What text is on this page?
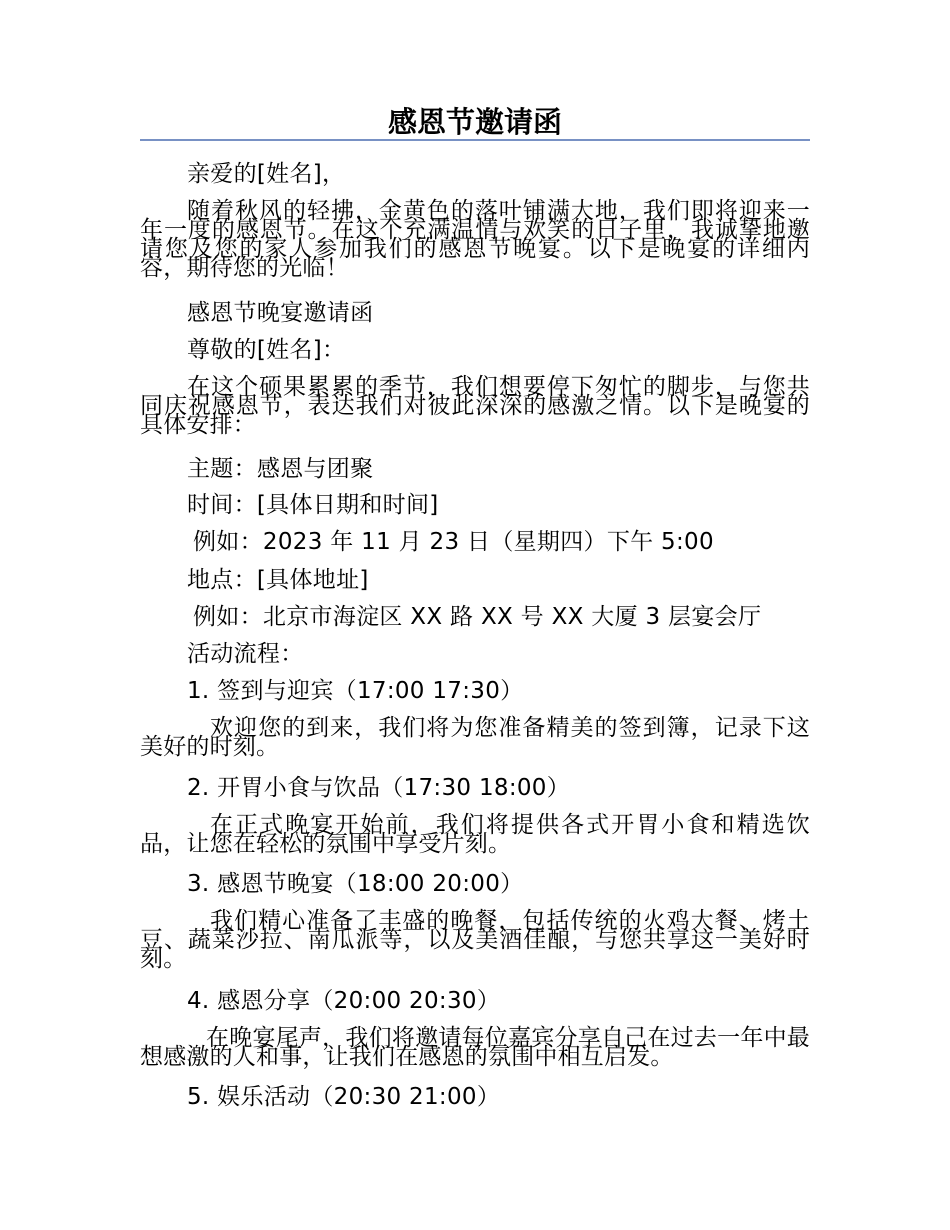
感恩节邀请函
亲爱的[姓名]，
随着秋风的轻拂，金黄色的落叶铺满大地，我们即将迎来一年一度的感恩节。在这个充满温情与欢笑的日子里，我诚挚地邀请您及您的家人参加我们的感恩节晚宴。以下是晚宴的详细内容，期待您的光临！
感恩节晚宴邀请函
尊敬的[姓名]：
在这个硕果累累的季节，我们想要停下匆忙的脚步，与您共同庆祝感恩节，表达我们对彼此深深的感激之情。以下是晚宴的具体安排：
主题：感恩与团聚
时间：[具体日期和时间]
例如：2023 年 11 月 23 日（星期四）下午 5:00
地点：[具体地址]
例如：北京市海淀区 XX 路 XX 号 XX 大厦 3 层宴会厅
活动流程：
1. 签到与迎宾（17:00 17:30）
欢迎您的到来，我们将为您准备精美的签到簿，记录下这美好的时刻。
2. 开胃小食与饮品（17:30 18:00）
在正式晚宴开始前，我们将提供各式开胃小食和精选饮品，让您在轻松的氛围中享受片刻。
3. 感恩节晚宴（18:00 20:00）
我们精心准备了丰盛的晚餐，包括传统的火鸡大餐、烤土豆、蔬菜沙拉、南瓜派等，以及美酒佳酿，与您共享这一美好时刻。
4. 感恩分享（20:00 20:30）
在晚宴尾声，我们将邀请每位嘉宾分享自己在过去一年中最想感激的人和事，让我们在感恩的氛围中相互启发。
5. 娱乐活动（20:30 21:00）
